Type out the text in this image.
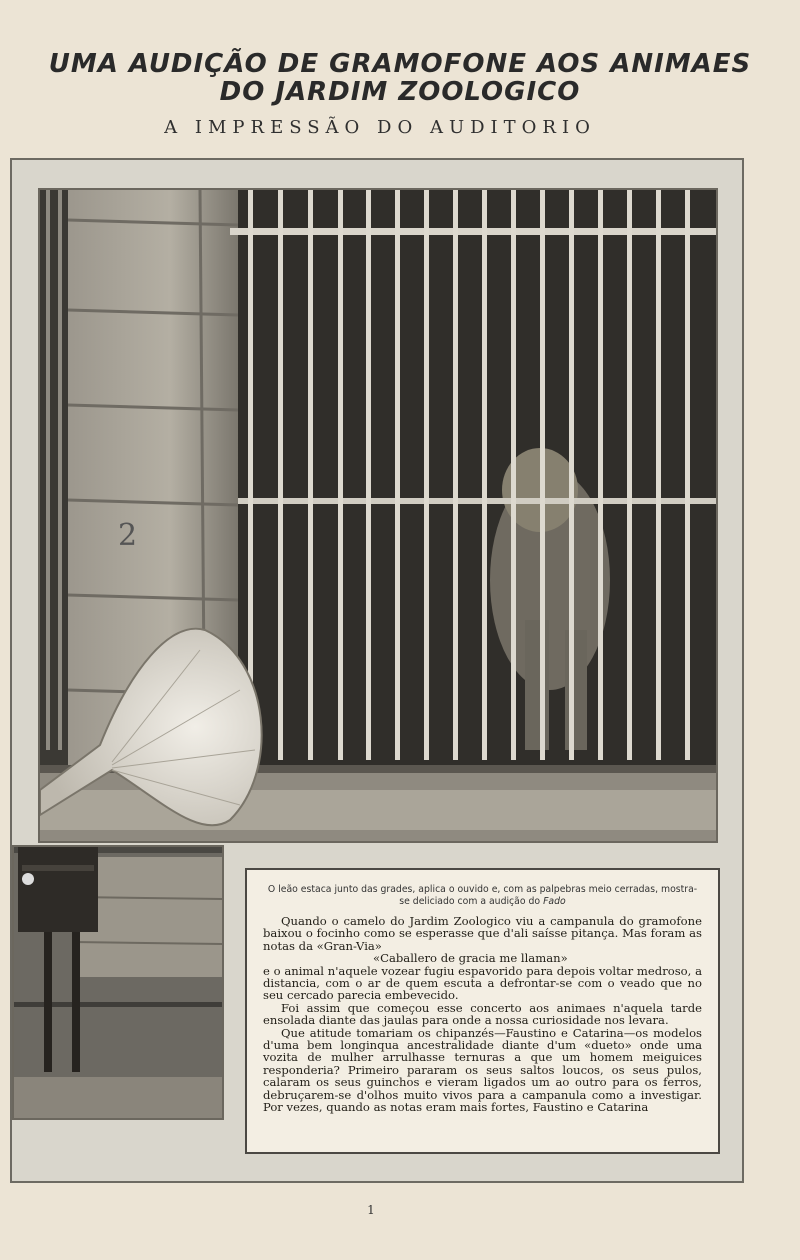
UMA AUDIÇÃO DE GRAMOFONE AOS ANIMAES
DO JARDIM ZOOLOGICO
A IMPRESSÃO DO AUDITORIO
2
O leão estaca junto das grades, aplica o ouvido e, com as palpebras meio cerradas, mostra-se deliciado com a audição do Fado

Quando o camelo do Jardim Zoologico viu a campanula do gramofone baixou o focinho como se esperasse que d'ali saísse pitança. Mas foram as notas da «Gran-Via»

«Caballero de gracia me llaman»

e o animal n'aquele vozear fugiu espavorido para depois voltar medroso, a distancia, com o ar de quem escuta a defrontar-se com o veado que no seu cercado parecia embevecido.

Foi assim que começou esse concerto aos animaes n'aquela tarde ensolada diante das jaulas para onde a nossa curiosidade nos levara.

Que atitude tomariam os chipanzés—Faustino e Catarina—os modelos d'uma bem longinqua ancestralidade diante d'um «dueto» onde uma vozita de mulher arrulhasse ternuras a que um homem meiguices responderia? Primeiro pararam os seus saltos loucos, os seus pulos, calaram os seus guinchos e vieram ligados um ao outro para os ferros, debruçarem-se d'olhos muito vivos para a campanula como a investigar. Por vezes, quando as notas eram mais fortes, Faustino e Catarina

1
